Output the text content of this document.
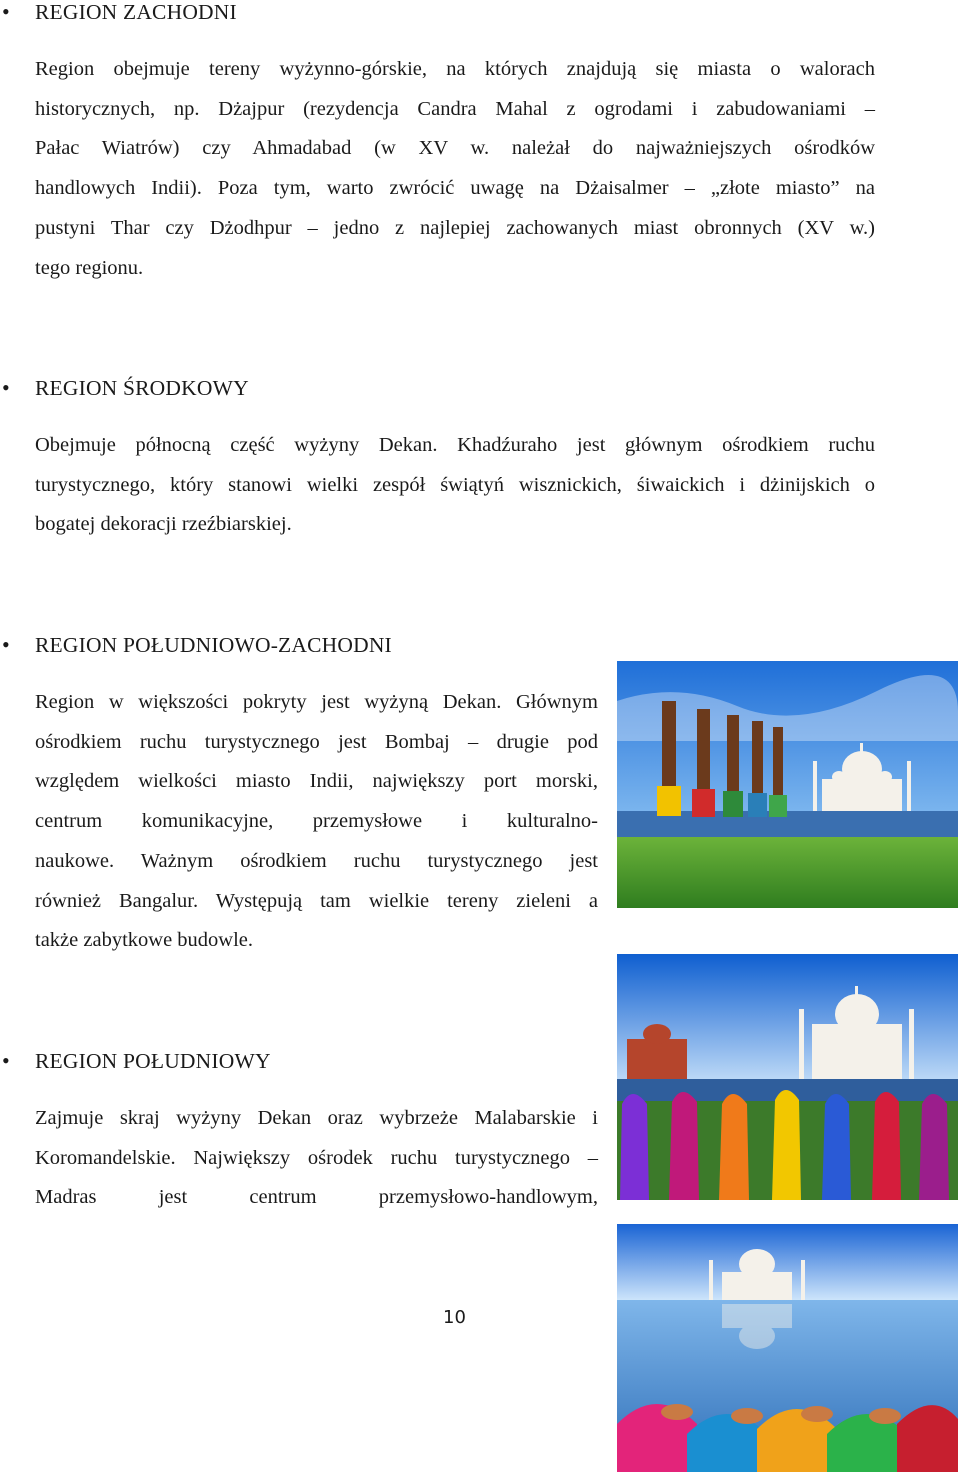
• REGION ZACHODNI
Region obejmuje tereny wyżynno-górskie, na których znajdują się miasta o walorach
historycznych, np. Dżajpur (rezydencja Candra Mahal z ogrodami i zabudowaniami –
Pałac Wiatrów) czy Ahmadabad (w XV w. należał do najważniejszych ośrodków
handlowych Indii). Poza tym, warto zwrócić uwagę na Dżaisalmer – „złote miasto” na
pustyni Thar czy Dżodhpur – jedno z najlepiej zachowanych miast obronnych (XV w.)
tego regionu.
• REGION ŚRODKOWY
Obejmuje północną część wyżyny Dekan. Khadźuraho jest głównym ośrodkiem ruchu
turystycznego, który stanowi wielki zespół świątyń wisznickich, śiwaickich i dżinijskich o
bogatej dekoracji rzeźbiarskiej.
• REGION POŁUDNIOWO-ZACHODNI
Region w większości pokryty jest wyżyną Dekan. Głównym
ośrodkiem ruchu turystycznego jest Bombaj – drugie pod
względem wielkości miasto Indii, największy port morski,
centrum komunikacyjne, przemysłowe i kulturalno-
naukowe. Ważnym ośrodkiem ruchu turystycznego jest
również Bangalur. Występują tam wielkie tereny zieleni a
także zabytkowe budowle.
• REGION POŁUDNIOWY
Zajmuje skraj wyżyny Dekan oraz wybrzeże Malabarskie i
Koromandelskie. Największy ośrodek ruchu turystycznego –
Madras jest centrum przemysłowo-handlowym,
10
